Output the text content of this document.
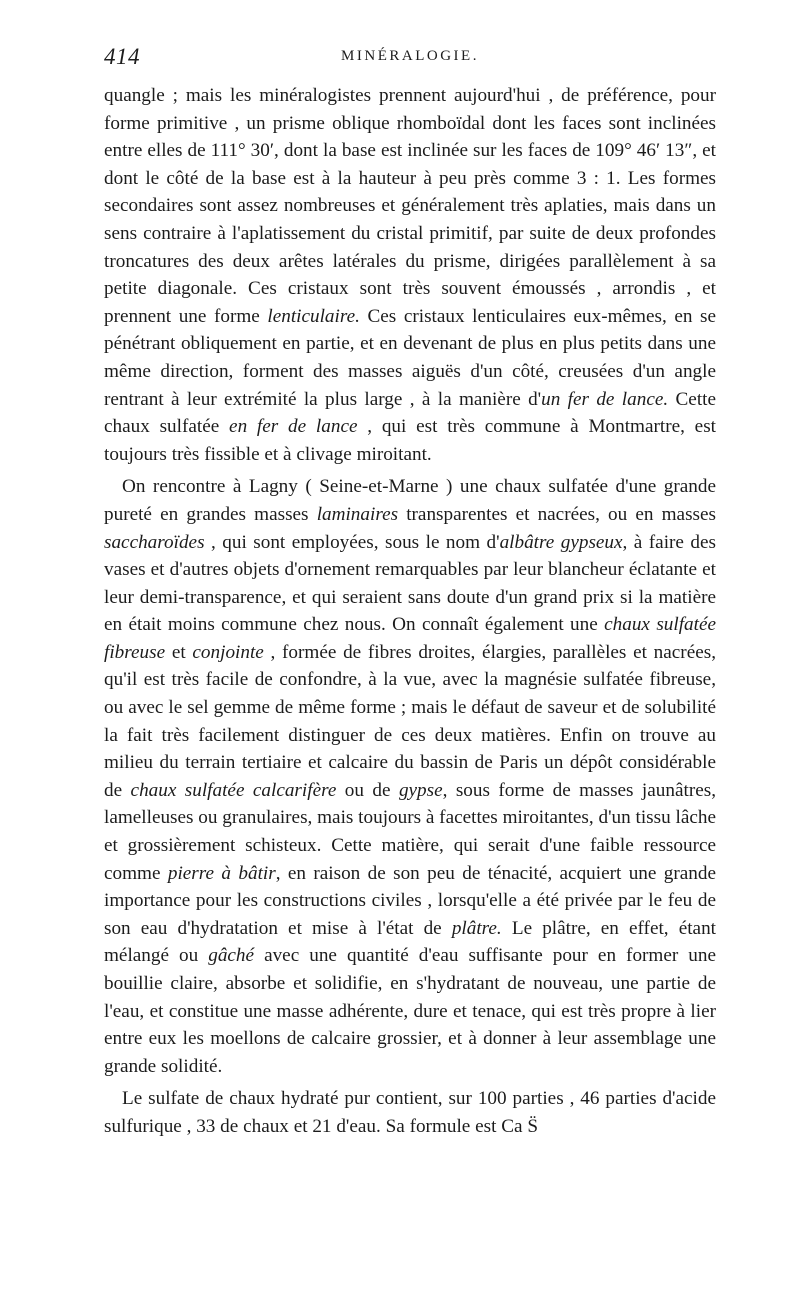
414	MINÉRALOGIE.

quangle ; mais les minéralogistes prennent aujourd'hui , de préférence, pour forme primitive , un prisme oblique rhomboïdal dont les faces sont inclinées entre elles de 111° 30′, dont la base est inclinée sur les faces de 109° 46′ 13″, et dont le côté de la base est à la hauteur à peu près comme 3 : 1. Les formes secondaires sont assez nombreuses et généralement très aplaties, mais dans un sens contraire à l'aplatissement du cristal primitif, par suite de deux profondes troncatures des deux arêtes latérales du prisme, dirigées parallèlement à sa petite diagonale. Ces cristaux sont très souvent émoussés , arrondis , et prennent une forme lenticulaire. Ces cristaux lenticulaires eux-mêmes, en se pénétrant obliquement en partie, et en devenant de plus en plus petits dans une même direction, forment des masses aiguës d'un côté, creusées d'un angle rentrant à leur extrémité la plus large , à la manière d'un fer de lance. Cette chaux sulfatée en fer de lance , qui est très commune à Montmartre, est toujours très fissible et à clivage miroitant.

On rencontre à Lagny ( Seine-et-Marne ) une chaux sulfatée d'une grande pureté en grandes masses laminaires transparentes et nacrées, ou en masses saccharoïdes , qui sont employées, sous le nom d'albâtre gypseux, à faire des vases et d'autres objets d'ornement remarquables par leur blancheur éclatante et leur demi-transparence, et qui seraient sans doute d'un grand prix si la matière en était moins commune chez nous. On connaît également une chaux sulfatée fibreuse et conjointe , formée de fibres droites, élargies, parallèles et nacrées, qu'il est très facile de confondre, à la vue, avec la magnésie sulfatée fibreuse, ou avec le sel gemme de même forme ; mais le défaut de saveur et de solubilité la fait très facilement distinguer de ces deux matières. Enfin on trouve au milieu du terrain tertiaire et calcaire du bassin de Paris un dépôt considérable de chaux sulfatée calcarifère ou de gypse, sous forme de masses jaunâtres, lamelleuses ou granulaires, mais toujours à facettes miroitantes, d'un tissu lâche et grossièrement schisteux. Cette matière, qui serait d'une faible ressource comme pierre à bâtir, en raison de son peu de ténacité, acquiert une grande importance pour les constructions civiles , lorsqu'elle a été privée par le feu de son eau d'hydratation et mise à l'état de plâtre. Le plâtre, en effet, étant mélangé ou gâché avec une quantité d'eau suffisante pour en former une bouillie claire, absorbe et solidifie, en s'hydratant de nouveau, une partie de l'eau, et constitue une masse adhérente, dure et tenace, qui est très propre à lier entre eux les moellons de calcaire grossier, et à donner à leur assemblage une grande solidité.

Le sulfate de chaux hydraté pur contient, sur 100 parties , 46 parties d'acide sulfurique , 33 de chaux et 21 d'eau. Sa formule est Ca S̈
